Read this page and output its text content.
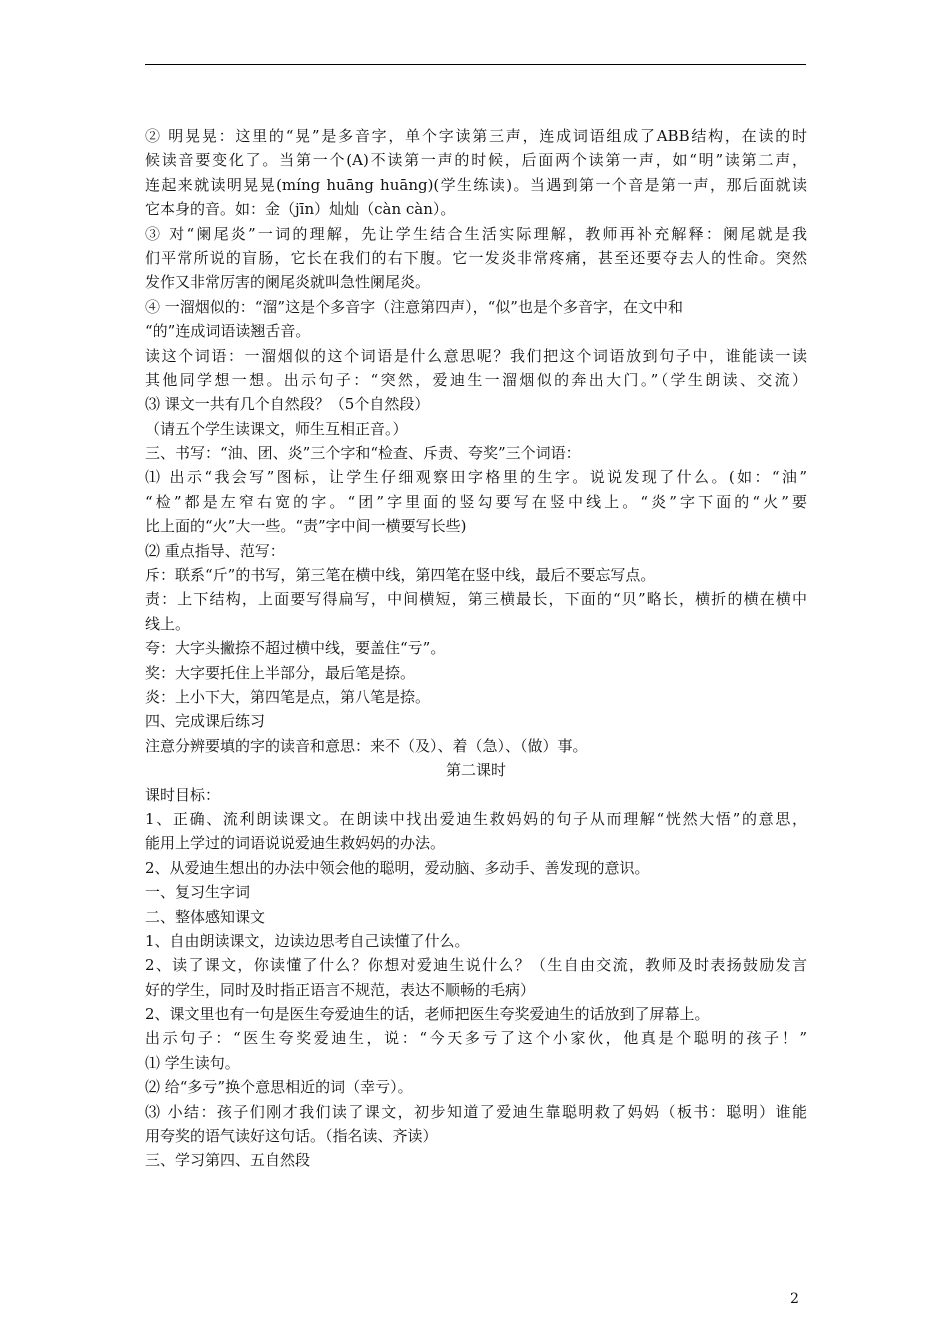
② 明晃晃：这里的“晃”是多音字，单个字读第三声，连成词语组成了ABB结构，在读的时
候读音要变化了。当第一个(A)不读第一声的时候，后面两个读第一声，如“明”读第二声，
连起来就读明晃晃(míng huāng huāng)(学生练读)。当遇到第一个音是第一声，那后面就读
它本身的音。如：金（jīn）灿灿（càn càn）。
③ 对“阑尾炎”一词的理解，先让学生结合生活实际理解，教师再补充解释：阑尾就是我
们平常所说的盲肠，它长在我们的右下腹。它一发炎非常疼痛，甚至还要夺去人的性命。突然
发作又非常厉害的阑尾炎就叫急性阑尾炎。
④ 一溜烟似的：“溜”这是个多音字（注意第四声），“似”也是个多音字，在文中和
“的”连成词语读翘舌音。
读这个词语：一溜烟似的这个词语是什么意思呢？我们把这个词语放到句子中，谁能读一读
其他同学想一想。出示句子：“突然，爱迪生一溜烟似的奔出大门。”（学生朗读、交流）
⑶ 课文一共有几个自然段？（5个自然段）
（请五个学生读课文，师生互相正音。）
三、书写：“油、团、炎”三个字和“检查、斥责、夸奖”三个词语：
⑴ 出示“我会写”图标，让学生仔细观察田字格里的生字。说说发现了什么。(如：“油”
“检”都是左窄右宽的字。“团”字里面的竖勾要写在竖中线上。“炎”字下面的“火”要
比上面的“火”大一些。“责”字中间一横要写长些)
⑵ 重点指导、范写：
斥：联系“斤”的书写，第三笔在横中线，第四笔在竖中线，最后不要忘写点。
责：上下结构，上面要写得扁写，中间横短，第三横最长，下面的“贝”略长，横折的横在横中
线上。
夸：大字头撇捺不超过横中线，要盖住“亏”。
奖：大字要托住上半部分，最后笔是捺。
炎：上小下大，第四笔是点，第八笔是捺。
四、完成课后练习
注意分辨要填的字的读音和意思：来不（及）、着（急）、（做）事。
第二课时
课时目标：
1、正确、流利朗读课文。在朗读中找出爱迪生救妈妈的句子从而理解“恍然大悟”的意思，
能用上学过的词语说说爱迪生救妈妈的办法。
2、从爱迪生想出的办法中领会他的聪明，爱动脑、多动手、善发现的意识。
一、复习生字词
二、整体感知课文
1、自由朗读课文，边读边思考自己读懂了什么。
2、读了课文，你读懂了什么？你想对爱迪生说什么？（生自由交流，教师及时表扬鼓励发言
好的学生，同时及时指正语言不规范，表达不顺畅的毛病）
2、课文里也有一句是医生夸爱迪生的话，老师把医生夸奖爱迪生的话放到了屏幕上。
出示句子：“医生夸奖爱迪生，说：“今天多亏了这个小家伙，他真是个聪明的孩子！”
⑴ 学生读句。
⑵ 给“多亏”换个意思相近的词（幸亏）。
⑶ 小结：孩子们刚才我们读了课文，初步知道了爱迪生靠聪明救了妈妈（板书：聪明）谁能
用夸奖的语气读好这句话。（指名读、齐读）
三、学习第四、五自然段
2
